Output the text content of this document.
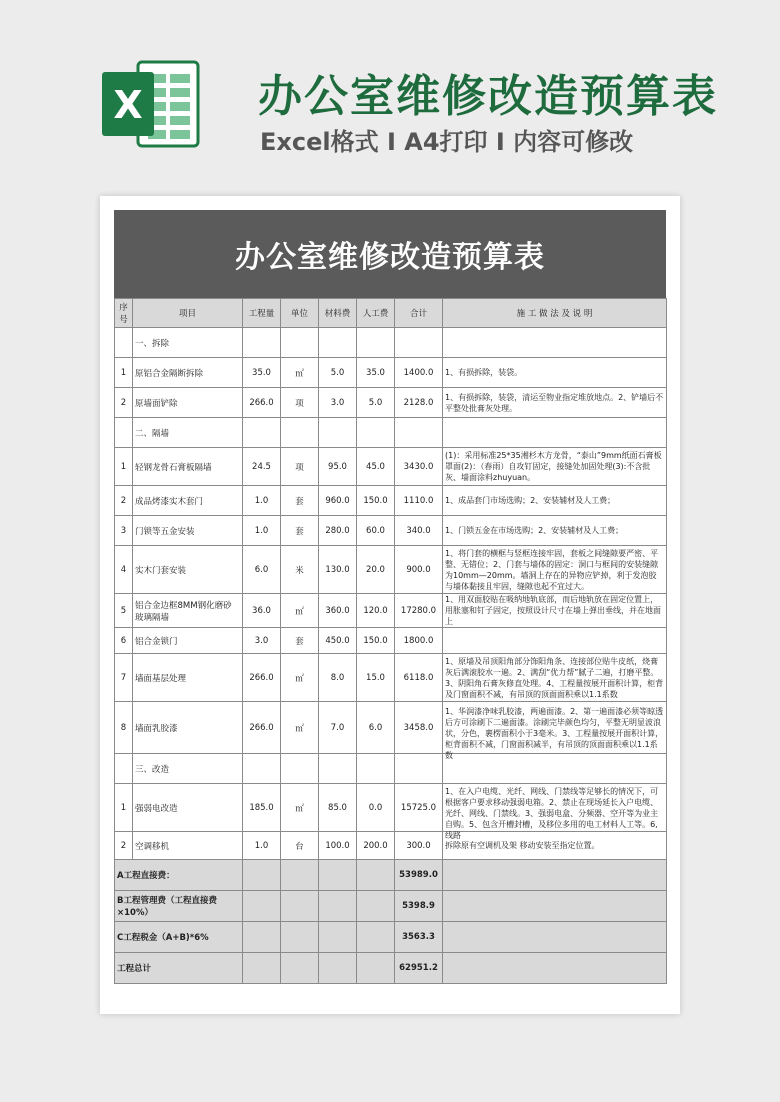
X	办公室维修改造预算表
Excel格式 I A4打印 I 内容可修改
办公室维修改造预算表
序号	项目	工程量	单位	材料费	人工费	合计	施 工 做 法 及 说 明
	一、拆除						
1	原铝合金隔断拆除	35.0	㎡	5.0	35.0	1400.0	1、有损拆除，装袋。

2	原墙面铲除	266.0	项	3.0	5.0	2128.0	1、有损拆除，装袋，清运至物业指定堆放地点。2、铲墙后不平整处批膏灰处理。

	二、隔墙						
1	轻钢龙骨石膏板隔墙	24.5	项	95.0	45.0	3430.0	(1)：采用标准25*35湘杉木方龙骨，“泰山”9mm纸面石膏板罩面(2)：（春雨）自攻钉固定，接缝处加固处理(3):不含批灰、墙面涂料zhuyuan。

2	成品烤漆实木套门	1.0	套	960.0	150.0	1110.0	1、成品套门市场选购；2、安装辅材及人工费；

3	门锁等五金安装	1.0	套	280.0	60.0	340.0	1、门锁五金在市场选购；2、安装辅材及人工费；

4	实木门套安装	6.0	米	130.0	20.0	900.0	1、将门套的横框与竖框连接牢固，套板之间缝隙要严密、平整、无错位；2、门套与墙体的固定：洞口与框间的安装缝隙为10mm—20mm。墙洞上存在的异物应铲掉，利于发泡胶与墙体黏接且牢固，缝隙也起不宜过大。

5	铝合金边框8MM钢化磨砂玻璃隔墙	36.0	㎡	360.0	120.0	17280.0	1、用双面胶贴在吸纳地轨底部，而后地轨放在固定位置上，用胀塞和钉子固定，按照设计尺寸在墙上弹出垂线，并在地面上

6	铝合金锁门	3.0	套	450.0	150.0	1800.0	

7	墙面基层处理	266.0	㎡	8.0	15.0	6118.0	1、原墙及吊顶阳角部分饰阳角条、连接部位贴牛皮纸，烧膏灰后满滚胶水一遍。2、满刮“优力帮”腻子二遍，打磨平整。3、阴阳角石膏灰修直处理。4、工程量按展开面积计算，柜背及门窗面积不减，有吊顶的顶面面积乘以1.1系数

8	墙面乳胶漆	266.0	㎡	7.0	6.0	3458.0	1、华润漆净味乳胶漆，两遍面漆。2、第一遍面漆必须等晾透后方可涂刷下二遍面漆。涂刷完毕颜色均匀，平整无明显波浪状，分色，裹楞面积小于3毫米。3、工程量按展开面积计算，柜背面积不减，门窗面积减半，有吊顶的顶面面积乘以1.1系数

	三、改造						
1	强弱电改造	185.0	㎡	85.0	0.0	15725.0	1、在入户电缆、光纤、网线、门禁线等足够长的情况下，可根据客户要求移动强弱电箱。2、禁止在现场延长入户电缆、光纤、网线、门禁线。3、强弱电盒、分频器、空开等为业主自购。5、包含开槽封槽，及移位多用的电工材料人工等。6,线路

2	空调移机	1.0	台	100.0	200.0	300.0	拆除原有空调机及架 移动安装至指定位置。

A工程直接费：						53989.0	
B工程管理费（工程直接费×10%）						5398.9	
C工程税金（A+B)*6%						3563.3	
工程总计						62951.2	
